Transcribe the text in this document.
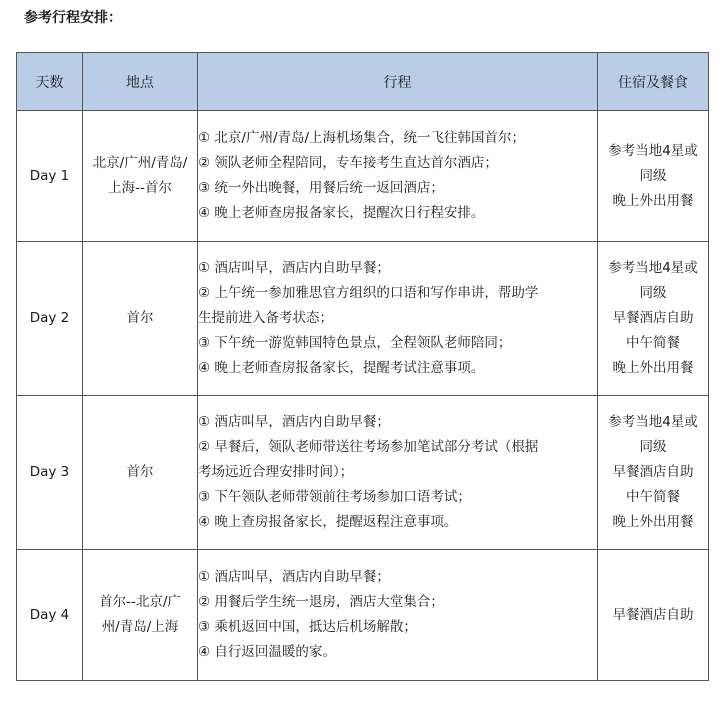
参考行程安排：
天数	地点	行程	住宿及餐食
Day 1	北京/广州/青岛/
上海--首尔	① 北京/广州/青岛/上海机场集合，统一飞往韩国首尔；
② 领队老师全程陪同，专车接考生直达首尔酒店；
③ 统一外出晚餐，用餐后统一返回酒店；
④ 晚上老师查房报备家长，提醒次日行程安排。	参考当地4星或
同级
晚上外出用餐

Day 2	首尔	① 酒店叫早，酒店内自助早餐；
② 上午统一参加雅思官方组织的口语和写作串讲，帮助学
生提前进入备考状态；
③ 下午统一游览韩国特色景点，全程领队老师陪同；
④ 晚上老师查房报备家长，提醒考试注意事项。	参考当地4星或
同级
早餐酒店自助
中午简餐
晚上外出用餐

Day 3	首尔	① 酒店叫早，酒店内自助早餐；
② 早餐后，领队老师带送往考场参加笔试部分考试（根据
考场远近合理安排时间）；
③ 下午领队老师带领前往考场参加口语考试；
④ 晚上查房报备家长，提醒返程注意事项。	参考当地4星或
同级
早餐酒店自助
中午简餐
晚上外出用餐

Day 4	首尔--北京/广
州/青岛/上海	① 酒店叫早，酒店内自助早餐；
② 用餐后学生统一退房，酒店大堂集合；
③ 乘机返回中国，抵达后机场解散；
④ 自行返回温暖的家。	早餐酒店自助
